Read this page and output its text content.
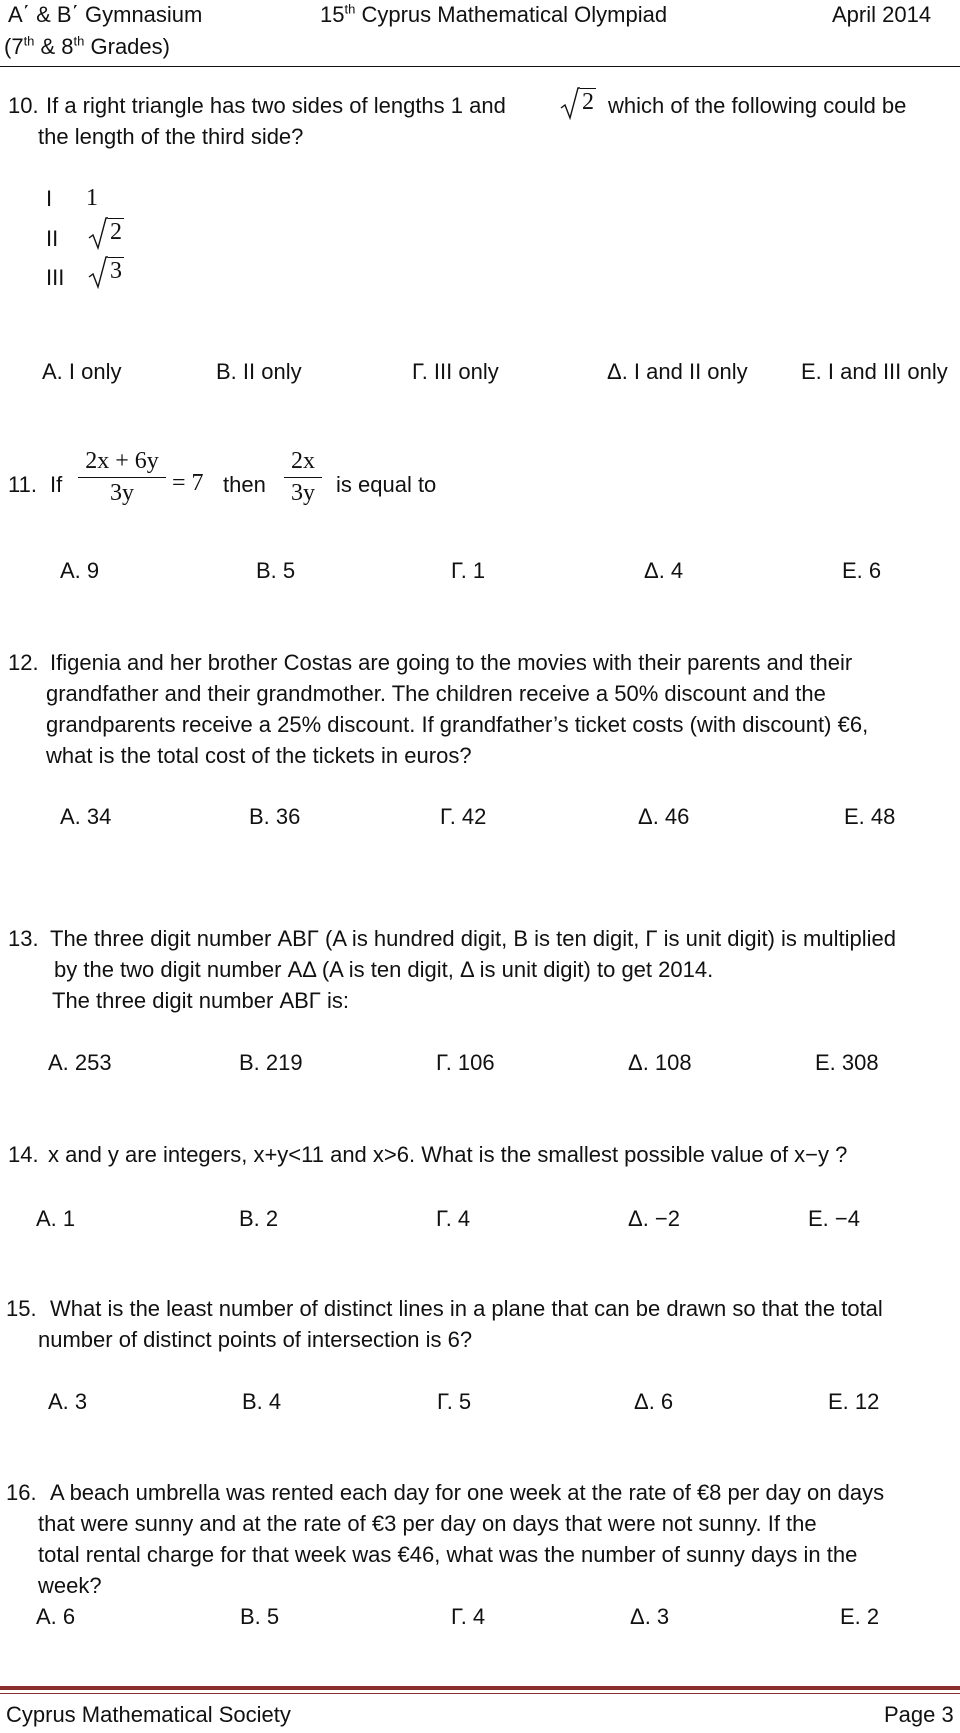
Α΄ & Β΄ Gymnasium
(7th & 8th Grades)
15th Cyprus Mathematical Olympiad	April 2014
10. If a right triangle has two sides of lengths 1 and	2 which of the following could be
the length of the third side?
I 1
II	2
III	3
A. I only	B. II only	Γ. III only	Δ. I and II only E. I and III only
11. If
2x + 6y
3y	= 7 then
2x
3y is equal to
A. 9	B. 5	Γ. 1	Δ. 4	E. 6
12. Ifigenia and her brother Costas are going to the movies with their parents and their
grandfather and their grandmother. The children receive a 50% discount and the
grandparents receive a 25% discount. If grandfather’s ticket costs (with discount) €6,
what is the total cost of the tickets in euros?
A. 34	B. 36	Γ. 42	Δ. 46	E. 48
13. The three digit number ΑΒΓ (Α is hundred digit, Β is ten digit, Γ is unit digit) is multiplied
by the two digit number ΑΔ (Α is ten digit, Δ is unit digit) to get 2014.
The three digit number ΑΒΓ is:
A. 253	B. 219	Γ. 106	Δ. 108	E. 308
14. x and y are integers, x+y<11 and x>6. What is the smallest possible value of x−y ?
A. 1	B. 2	Γ. 4	Δ. −2	E. −4
15. What is the least number of distinct lines in a plane that can be drawn so that the total
number of distinct points of intersection is 6?
A. 3	B. 4	Γ. 5	Δ. 6	E. 12
16. A beach umbrella was rented each day for one week at the rate of €8 per day on days
that were sunny and at the rate of €3 per day on days that were not sunny. If the
total rental charge for that week was €46, what was the number of sunny days in the
week?
A. 6	B. 5	Γ. 4	Δ. 3	E. 2
Cyprus Mathematical Society	Page 3
